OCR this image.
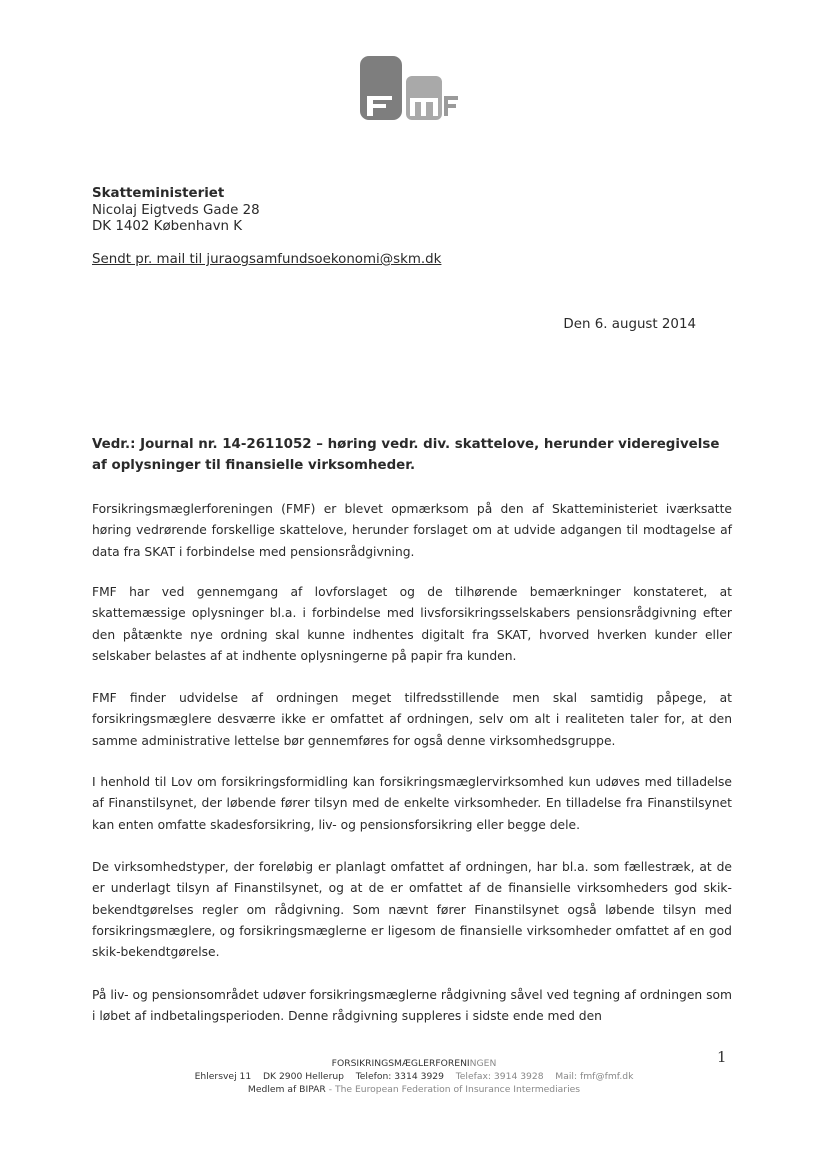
Skatteministeriet
Nicolaj Eigtveds Gade 28
DK 1402 København K
Sendt pr. mail til juraogsamfundsoekonomi@skm.dk
Den 6. august 2014
Vedr.: Journal nr. 14-2611052 – høring vedr. div. skattelove, herunder videregivelse af oplysninger til finansielle virksomheder.

Forsikringsmæglerforeningen (FMF) er blevet opmærksom på den af Skatteministeriet iværksatte høring vedrørende forskellige skattelove, herunder forslaget om at udvide adgangen til modtagelse af data fra SKAT i forbindelse med pensionsrådgivning.

FMF har ved gennemgang af lovforslaget og de tilhørende bemærkninger konstateret, at skattemæssige oplysninger bl.a. i forbindelse med livsforsikringsselskabers pensionsrådgivning efter den påtænkte nye ordning skal kunne indhentes digitalt fra SKAT, hvorved hverken kunder eller selskaber belastes af at indhente oplysningerne på papir fra kunden.

FMF finder udvidelse af ordningen meget tilfredsstillende men skal samtidig påpege, at forsikringsmæglere desværre ikke er omfattet af ordningen, selv om alt i realiteten taler for, at den samme administrative lettelse bør gennemføres for også denne virksomhedsgruppe.

I henhold til Lov om forsikringsformidling kan forsikringsmæglervirksomhed kun udøves med tilladelse af Finanstilsynet, der løbende fører tilsyn med de enkelte virksomheder. En tilladelse fra Finanstilsynet kan enten omfatte skadesforsikring, liv- og pensionsforsikring eller begge dele.

De virksomhedstyper, der foreløbig er planlagt omfattet af ordningen, har bl.a. som fællestræk, at de er underlagt tilsyn af Finanstilsynet, og at de er omfattet af de finansielle virksomheders god skik-bekendtgørelses regler om rådgivning. Som nævnt fører Finanstilsynet også løbende tilsyn med forsikringsmæglere, og forsikringsmæglerne er ligesom de finansielle virksomheder omfattet af en god skik-bekendtgørelse.

På liv- og pensionsområdet udøver forsikringsmæglerne rådgivning såvel ved tegning af ordningen som i løbet af indbetalingsperioden. Denne rådgivning suppleres i sidste ende med den

1
FORSIKRINGSMÆGLERFORENINGEN
Ehlersvej 11 DK 2900 Hellerup Telefon: 3314 3929 Telefax: 3914 3928 Mail: fmf@fmf.dk
Medlem af BIPAR - The European Federation of Insurance Intermediaries
